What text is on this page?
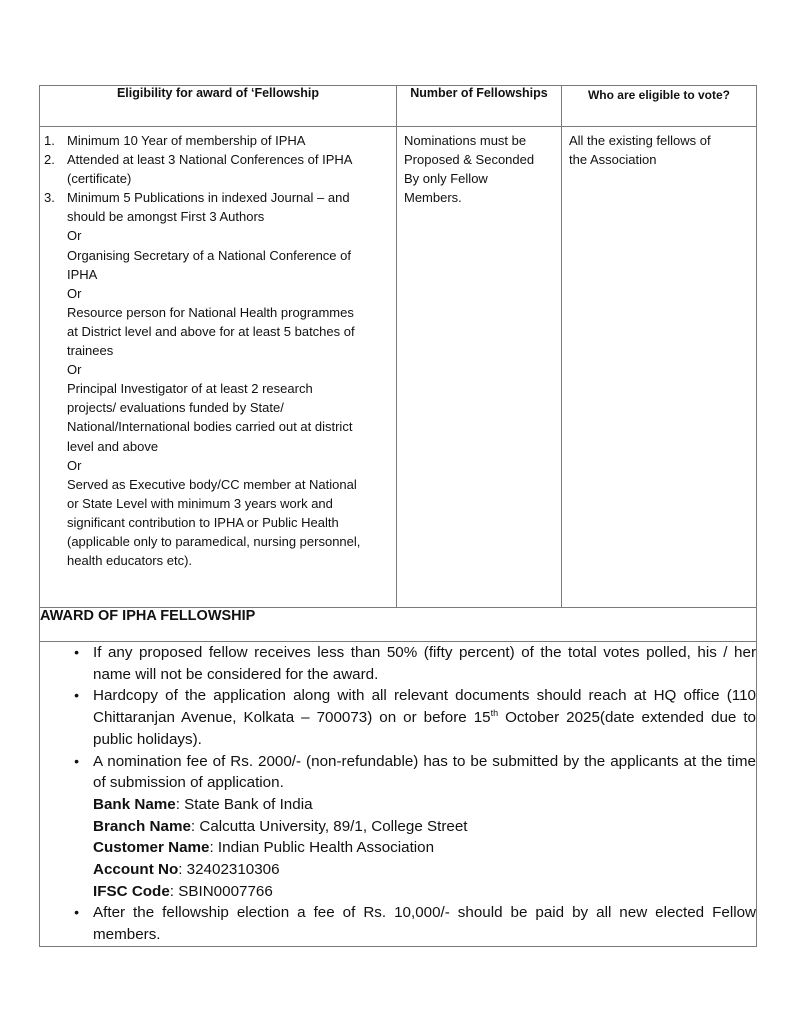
Eligibility for award of ‘Fellowship	Number of Fellowships	Who are eligible to vote?

1. Minimum 10 Year of membership of IPHA
2. Attended at least 3 National Conferences of IPHA
(certificate)
3. Minimum 5 Publications in indexed Journal – and
should be amongst First 3 Authors
Or
Organising Secretary of a National Conference of
IPHA
Or
Resource person for National Health programmes
at District level and above for at least 5 batches of
trainees
Or
Principal Investigator of at least 2 research
projects/ evaluations funded by State/
National/International bodies carried out at district
level and above
Or
Served as Executive body/CC member at National
or State Level with minimum 3 years work and
significant contribution to IPHA or Public Health
(applicable only to paramedical, nursing personnel,
health educators etc).

Nominations must be
Proposed & Seconded
By only Fellow
Members.

All the existing fellows of
the Association

AWARD OF IPHA FELLOWSHIP		

• If any proposed fellow receives less than 50% (fifty percent) of the total votes polled, his / her name will not be considered for the award.
• Hardcopy of the application along with all relevant documents should reach at HQ office (110 Chittaranjan Avenue, Kolkata – 700073) on or before 15th October 2025(date extended due to public holidays).
• A nomination fee of Rs. 2000/- (non-refundable) has to be submitted by the applicants at the time of submission of application.
Bank Name: State Bank of India
Branch Name: Calcutta University, 89/1, College Street
Customer Name: Indian Public Health Association
Account No: 32402310306
IFSC Code: SBIN0007766
• After the fellowship election a fee of Rs. 10,000/- should be paid by all new elected Fellow members.
